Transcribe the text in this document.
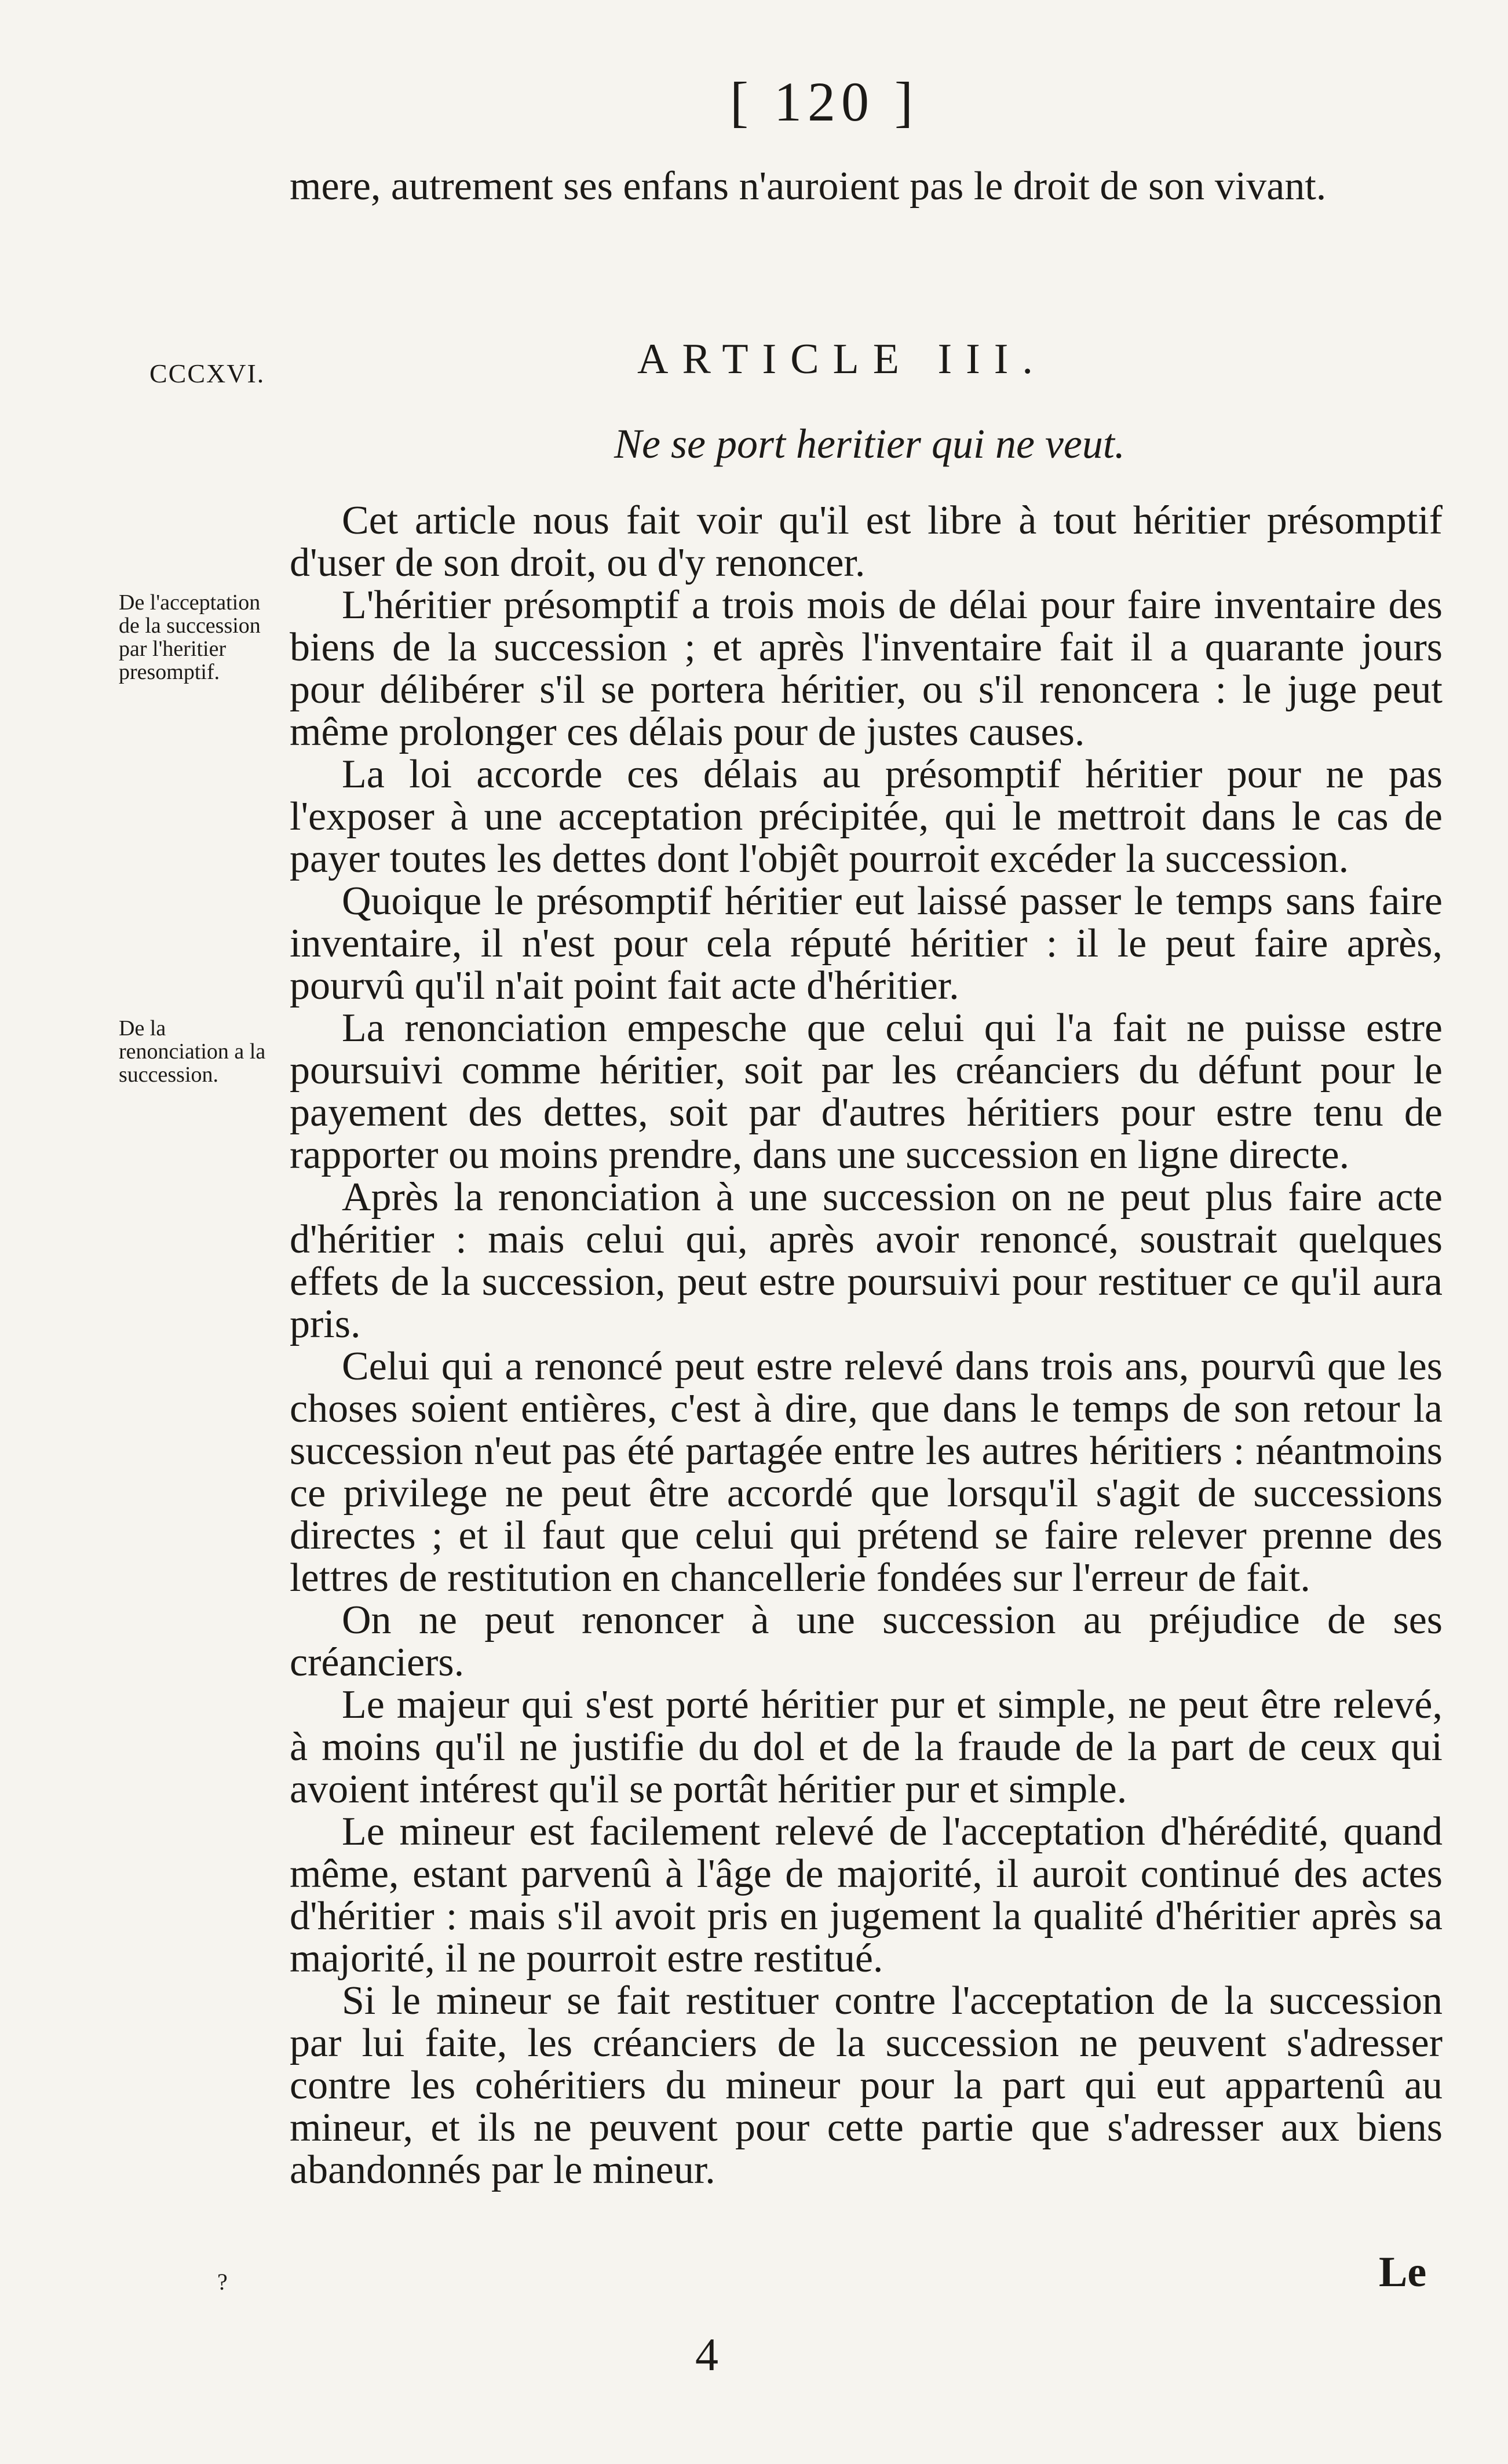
[ 120 ]

mere, autrement ses enfans n'auroient pas le droit de son vivant.

CCCXVI.	ARTICLE III.
Ne se port heritier qui ne veut.
De l'acceptation de la succession par l'heritier presomptif.
De la renonciation a la succession.

Cet article nous fait voir qu'il est libre à tout héritier présomptif d'user de son droit, ou d'y renoncer.

L'héritier présomptif a trois mois de délai pour faire inventaire des biens de la succession ; et après l'inventaire fait il a quarante jours pour délibérer s'il se portera héritier, ou s'il renoncera : le juge peut même prolonger ces délais pour de justes causes.

La loi accorde ces délais au présomptif héritier pour ne pas l'exposer à une acceptation précipitée, qui le mettroit dans le cas de payer toutes les dettes dont l'objêt pourroit excéder la succession.

Quoique le présomptif héritier eut laissé passer le temps sans faire inventaire, il n'est pour cela réputé héritier : il le peut faire après, pourvû qu'il n'ait point fait acte d'héritier.

La renonciation empesche que celui qui l'a fait ne puisse estre poursuivi comme héritier, soit par les créanciers du défunt pour le payement des dettes, soit par d'autres héritiers pour estre tenu de rapporter ou moins prendre, dans une succession en ligne directe.

Après la renonciation à une succession on ne peut plus faire acte d'héritier : mais celui qui, après avoir renoncé, soustrait quelques effets de la succession, peut estre poursuivi pour restituer ce qu'il aura pris.

Celui qui a renoncé peut estre relevé dans trois ans, pourvû que les choses soient entières, c'est à dire, que dans le temps de son retour la succession n'eut pas été partagée entre les autres héritiers : néantmoins ce privilege ne peut être accordé que lorsqu'il s'agit de successions directes ; et il faut que celui qui prétend se faire relever prenne des lettres de restitution en chancellerie fondées sur l'erreur de fait.

On ne peut renoncer à une succession au préjudice de ses créanciers.

Le majeur qui s'est porté héritier pur et simple, ne peut être relevé, à moins qu'il ne justifie du dol et de la fraude de la part de ceux qui avoient intérest qu'il se portât héritier pur et simple.

Le mineur est facilement relevé de l'acceptation d'hérédité, quand même, estant parvenû à l'âge de majorité, il auroit continué des actes d'héritier : mais s'il avoit pris en jugement la qualité d'héritier après sa majorité, il ne pourroit estre restitué.

Si le mineur se fait restituer contre l'acceptation de la succession par lui faite, les créanciers de la succession ne peuvent s'adresser contre les cohéritiers du mineur pour la part qui eut appartenû au mineur, et ils ne peuvent pour cette partie que s'adresser aux biens abandonnés par le mineur.

?	Le
4
